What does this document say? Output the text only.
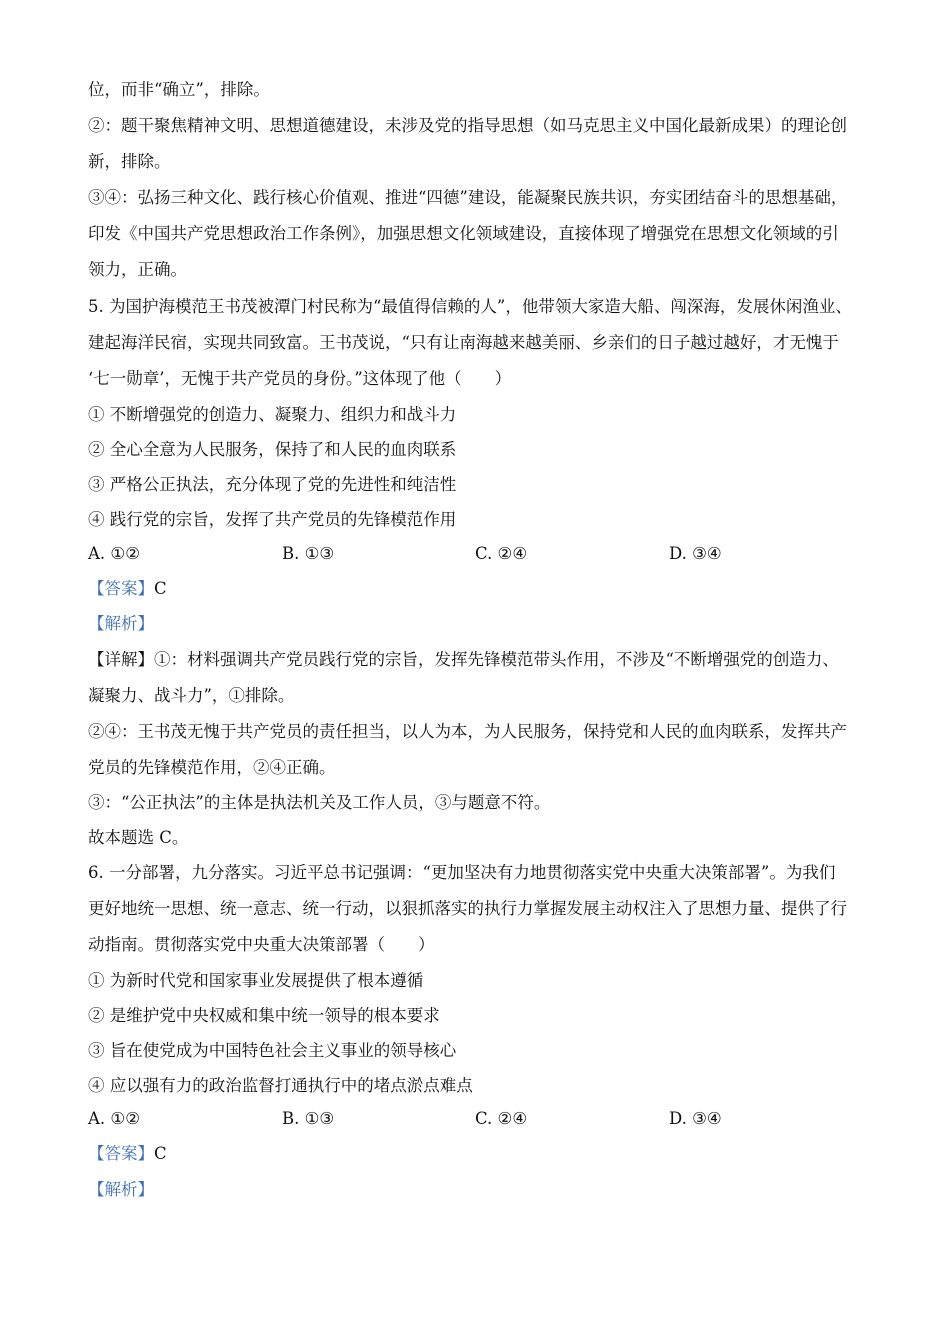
位，而非“确立”，排除。
②：题干聚焦精神文明、思想道德建设，未涉及党的指导思想（如马克思主义中国化最新成果）的理论创
新，排除。
③④：弘扬三种文化、践行核心价值观、推进“四德”建设，能凝聚民族共识，夯实团结奋斗的思想基础，
印发《中国共产党思想政治工作条例》，加强思想文化领域建设，直接体现了增强党在思想文化领域的引
领力，正确。
5. 为国护海模范王书茂被潭门村民称为“最值得信赖的人”，他带领大家造大船、闯深海，发展休闲渔业、
建起海洋民宿，实现共同致富。王书茂说，“只有让南海越来越美丽、乡亲们的日子越过越好，才无愧于
‘七一勋章’，无愧于共产党员的身份。”这体现了他（　　）
① 不断增强党的创造力、凝聚力、组织力和战斗力
② 全心全意为人民服务，保持了和人民的血肉联系
③ 严格公正执法，充分体现了党的先进性和纯洁性
④ 践行党的宗旨，发挥了共产党员的先锋模范作用
A. ①②	B. ①③	C. ②④	D. ③④
【答案】C
【解析】
【详解】①：材料强调共产党员践行党的宗旨，发挥先锋模范带头作用，不涉及“不断增强党的创造力、
凝聚力、战斗力”，①排除。
②④：王书茂无愧于共产党员的责任担当，以人为本，为人民服务，保持党和人民的血肉联系，发挥共产
党员的先锋模范作用，②④正确。
③：“公正执法”的主体是执法机关及工作人员，③与题意不符。
故本题选 C。
6. 一分部署，九分落实。习近平总书记强调：“更加坚决有力地贯彻落实党中央重大决策部署”。为我们
更好地统一思想、统一意志、统一行动，以狠抓落实的执行力掌握发展主动权注入了思想力量、提供了行
动指南。贯彻落实党中央重大决策部署（　　）
① 为新时代党和国家事业发展提供了根本遵循
② 是维护党中央权威和集中统一领导的根本要求
③ 旨在使党成为中国特色社会主义事业的领导核心
④ 应以强有力的政治监督打通执行中的堵点淤点难点
A. ①②	B. ①③	C. ②④	D. ③④
【答案】C
【解析】
